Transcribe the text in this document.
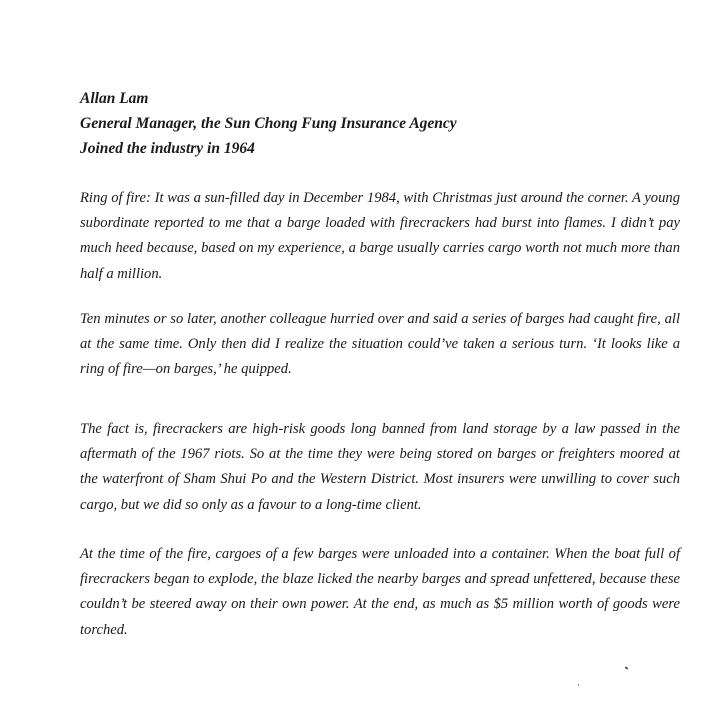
Allan Lam

General Manager, the Sun Chong Fung Insurance Agency

Joined the industry in 1964

Ring of fire: It was a sun-filled day in December 1984, with Christmas just around the corner. A young subordinate reported to me that a barge loaded with firecrackers had burst into flames. I didn’t pay much heed because, based on my experience, a barge usually carries cargo worth not much more than half a million.

Ten minutes or so later, another colleague hurried over and said a series of barges had caught fire, all at the same time. Only then did I realize the situation could’ve taken a serious turn. ‘It looks like a ring of fire—on barges,’ he quipped.

The fact is, firecrackers are high-risk goods long banned from land storage by a law passed in the aftermath of the 1967 riots. So at the time they were being stored on barges or freighters moored at the waterfront of Sham Shui Po and the Western District. Most insurers were unwilling to cover such cargo, but we did so only as a favour to a long-time client.

At the time of the fire, cargoes of a few barges were unloaded into a container. When the boat full of firecrackers began to explode, the blaze licked the nearby barges and spread unfettered, because these couldn’t be steered away on their own power. At the end, as much as $5 million worth of goods were torched.
